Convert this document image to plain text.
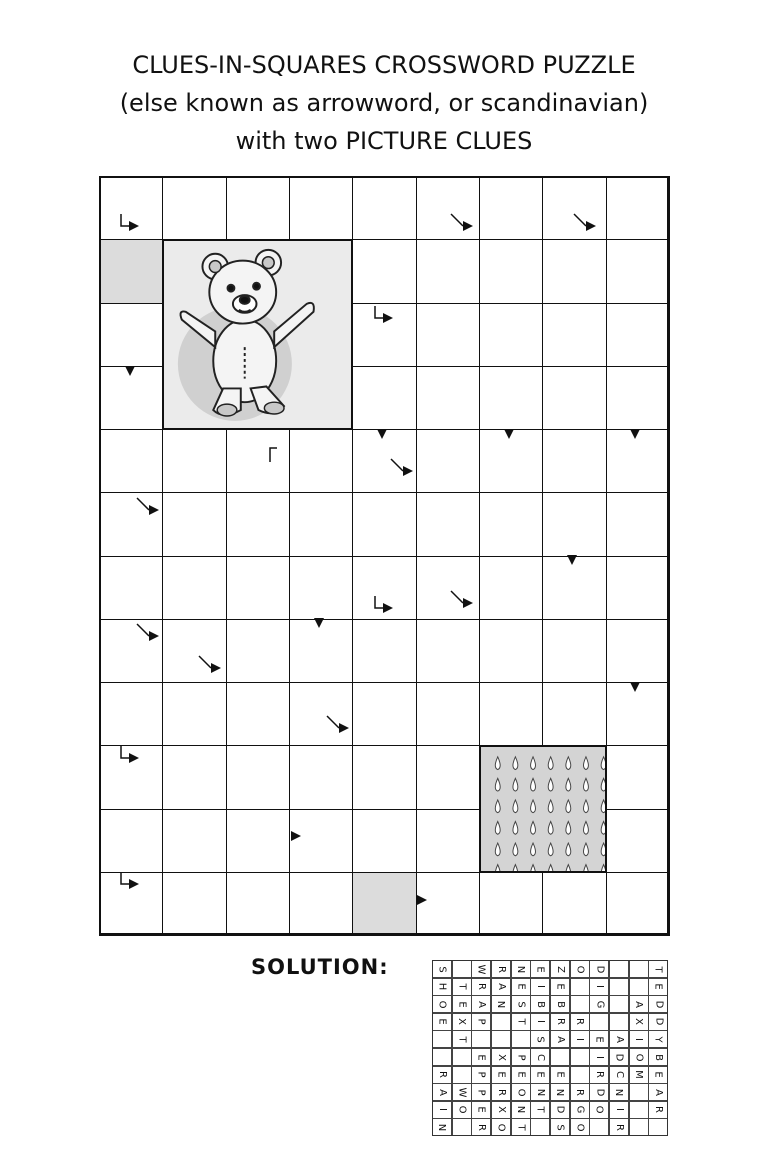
CLUES-IN-SQUARES CROSSWORD PUZZLE
(else known as arrowword, or scandinavian)
with two PICTURE CLUES
SOLUTION:	S
H
O
E
R
A
I
N
T
E
X
T
W
O
W
R
A
P
E
P
P
E
R
R
A
N
X
E
R
X
O
N
E
S
T
P
E
O
N
T
E
I
B
I
S
C
E
N
T
Z
E
B
R
A
E
N
D
S
O
R
I
R
G
O
D
I
G
E
I
R
D
O
A
D
C
N
I
R
A
X
I
O
M
T
E
D
D
Y
B
E
A
R
